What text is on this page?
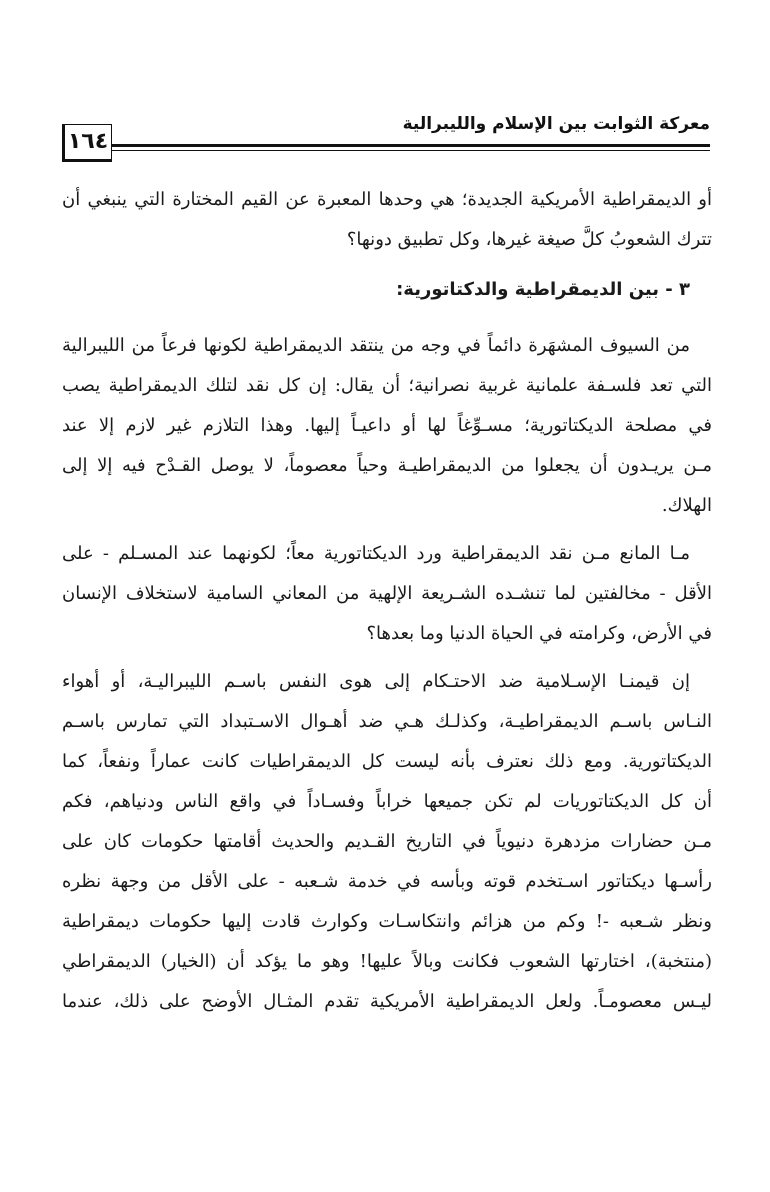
معركة الثوابت بين الإسلام والليبرالية
١٦٤
أو الديمقراطية الأمريكية الجديدة؛ هي وحدها المعبرة عن القيم المختارة التي ينبغي أن
تترك الشعوبُ كلَّ صيغة غيرها، وكل تطبيق دونها؟
٣ - بين الديمقراطية والدكتاتورية:
من السيوف المشهَرة دائماً في وجه من ينتقد الديمقراطية لكونها فرعاً من الليبرالية
التي تعد فلسـفة علمانية غربية نصرانية؛ أن يقال: إن كل نقد لتلك الديمقراطية يصب
في مصلحة الديكتاتورية؛ مسـوِّغاً لها أو داعيـاً إليها. وهذا التلازم غير لازم إلا عند
مـن يريـدون أن يجعلوا من الديمقراطيـة وحياً معصوماً، لا يوصل القـدْح فيه إلا إلى
الهلاك.
مـا المانع مـن نقد الديمقراطية ورد الديكتاتورية معاً؛ لكونهما عند المسـلم - على
الأقل - مخالفتين لما تنشـده الشـريعة الإلهية من المعاني السامية لاستخلاف الإنسان
في الأرض، وكرامته في الحياة الدنيا وما بعدها؟
إن قيمنـا الإسـلامية ضد الاحتـكام إلى هوى النفس باسـم الليبراليـة، أو أهواء
النـاس باسـم الديمقراطيـة، وكذلـك هـي ضد أهـوال الاسـتبداد التي تمارس باسـم
الديكتاتورية. ومع ذلك نعترف بأنه ليست كل الديمقراطيات كانت عماراً ونفعاً، كما
أن كل الديكتاتوريات لم تكن جميعها خراباً وفسـاداً في واقع الناس ودنياهم، فكم
مـن حضارات مزدهرة دنيوياً في التاريخ القـديم والحديث أقامتها حكومات كان على
رأسـها ديكتاتور اسـتخدم قوته وبأسه في خدمة شـعبه - على الأقل من وجهة نظره
ونظر شـعبه -! وكم من هزائم وانتكاسـات وكوارث قادت إليها حكومات ديمقراطية
(منتخبة)، اختارتها الشعوب فكانت وبالاً عليها! وهو ما يؤكد أن (الخيار) الديمقراطي
ليـس معصومـاً. ولعل الديمقراطية الأمريكية تقدم المثـال الأوضح على ذلك، عندما
